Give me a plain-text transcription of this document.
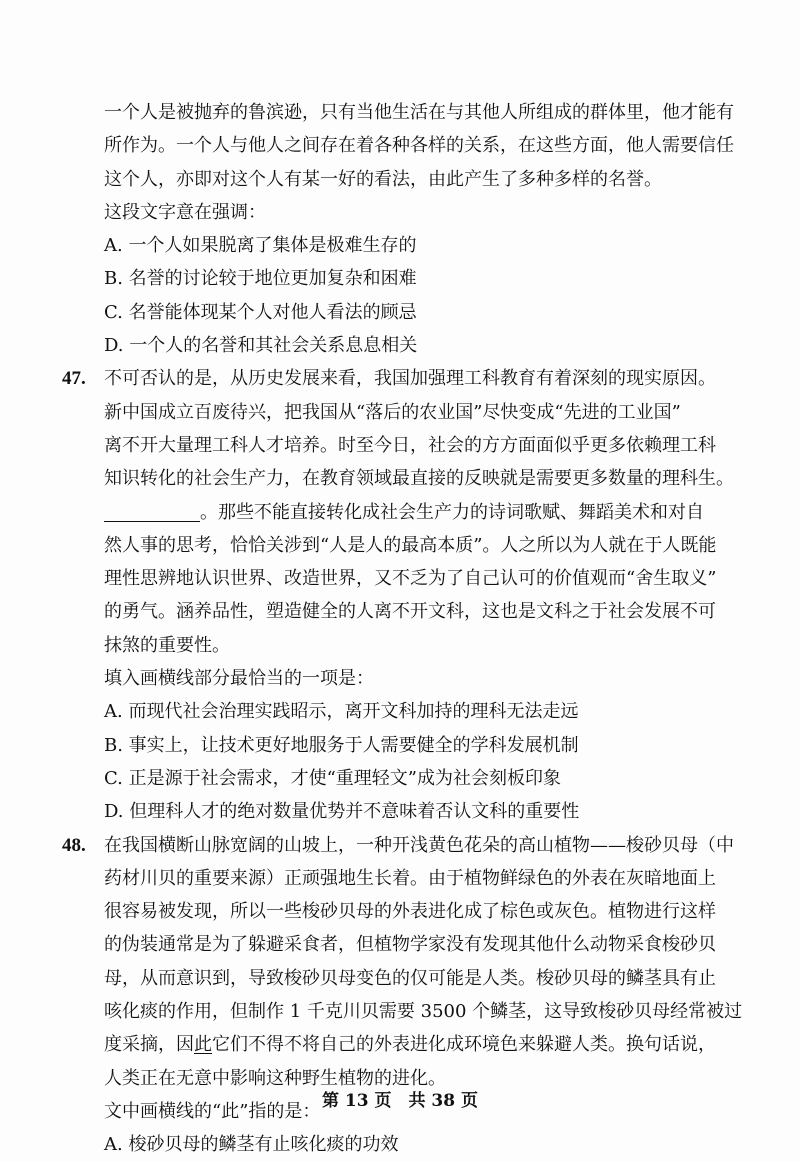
一个人是被抛弃的鲁滨逊，只有当他生活在与其他人所组成的群体里，他才能有
所作为。一个人与他人之间存在着各种各样的关系，在这些方面，他人需要信任
这个人，亦即对这个人有某一好的看法，由此产生了多种多样的名誉。
这段文字意在强调：
A. 一个人如果脱离了集体是极难生存的
B. 名誉的讨论较于地位更加复杂和困难
C. 名誉能体现某个人对他人看法的顾忌
D. 一个人的名誉和其社会关系息息相关
47. 不可否认的是，从历史发展来看，我国加强理工科教育有着深刻的现实原因。
新中国成立百废待兴，把我国从“落后的农业国”尽快变成“先进的工业国”
离不开大量理工科人才培养。时至今日，社会的方方面面似乎更多依赖理工科
知识转化的社会生产力，在教育领域最直接的反映就是需要更多数量的理科生。
。那些不能直接转化成社会生产力的诗词歌赋、舞蹈美术和对自
然人事的思考，恰恰关涉到“人是人的最高本质”。人之所以为人就在于人既能
理性思辨地认识世界、改造世界，又不乏为了自己认可的价值观而“舍生取义”
的勇气。涵养品性，塑造健全的人离不开文科，这也是文科之于社会发展不可
抹煞的重要性。
填入画横线部分最恰当的一项是：
A. 而现代社会治理实践昭示，离开文科加持的理科无法走远
B. 事实上，让技术更好地服务于人需要健全的学科发展机制
C. 正是源于社会需求，才使“重理轻文”成为社会刻板印象
D. 但理科人才的绝对数量优势并不意味着否认文科的重要性
48. 在我国横断山脉宽阔的山坡上，一种开浅黄色花朵的高山植物——梭砂贝母（中
药材川贝的重要来源）正顽强地生长着。由于植物鲜绿色的外表在灰暗地面上
很容易被发现，所以一些梭砂贝母的外表进化成了棕色或灰色。植物进行这样
的伪装通常是为了躲避采食者，但植物学家没有发现其他什么动物采食梭砂贝
母，从而意识到，导致梭砂贝母变色的仅可能是人类。梭砂贝母的鳞茎具有止
咳化痰的作用，但制作 1 千克川贝需要 3500 个鳞茎，这导致梭砂贝母经常被过
度采摘，因此它们不得不将自己的外表进化成环境色来躲避人类。换句话说，
人类正在无意中影响这种野生植物的进化。
文中画横线的“此”指的是：
A. 梭砂贝母的鳞茎有止咳化痰的功效
第 13 页　共 38 页
